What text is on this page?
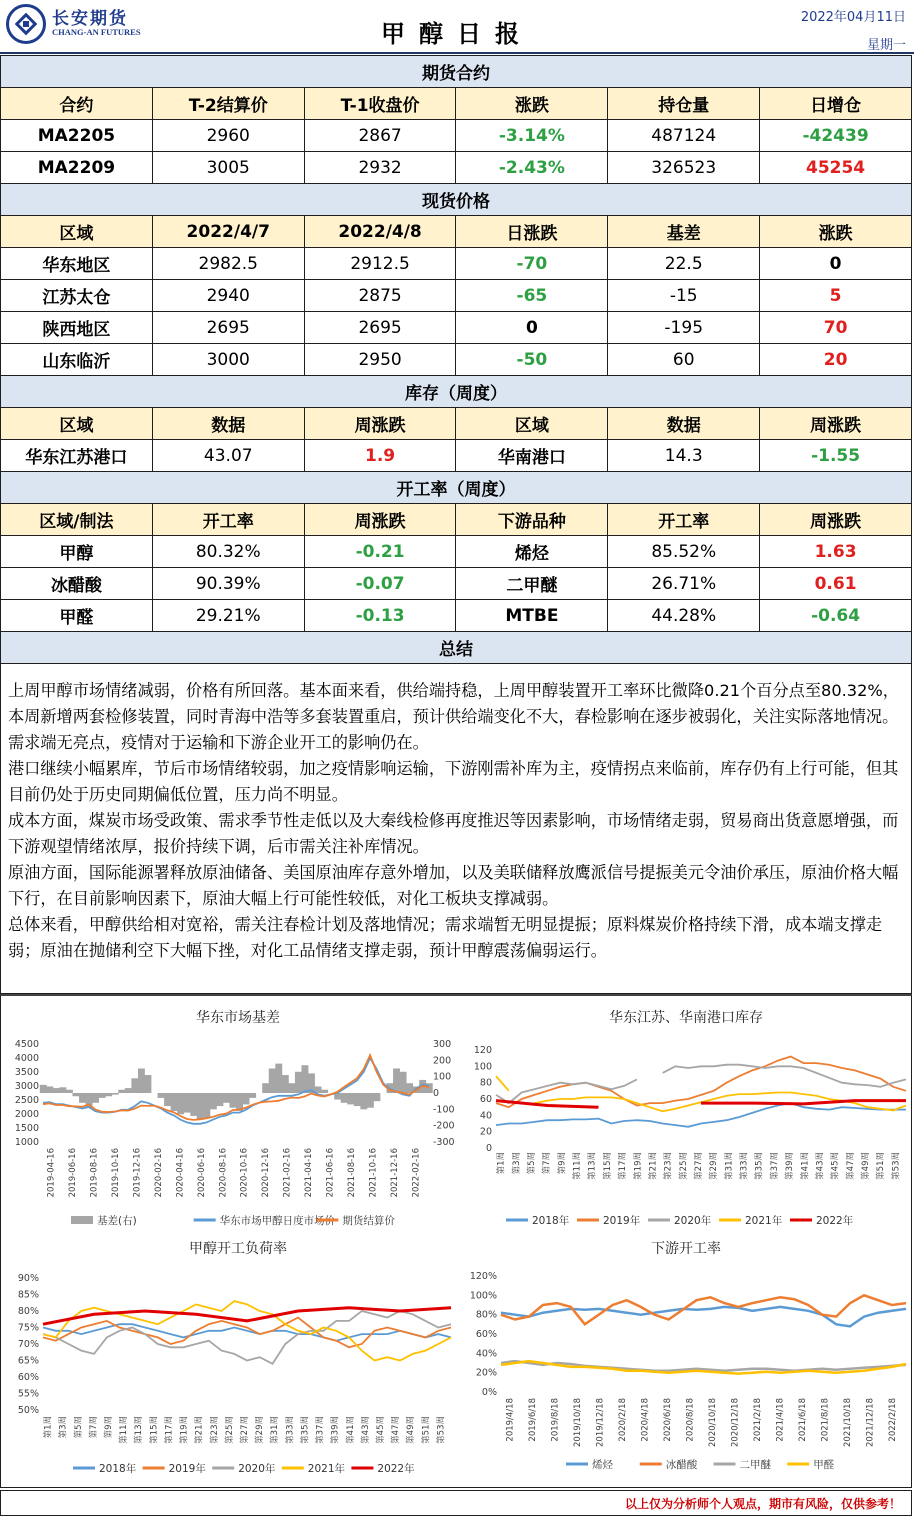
长安期货
CHANG-AN FUTURES	甲醇日报
2022年04月11日
星期一
期货合约					
合约	T-2结算价	T-1收盘价	涨跌	持仓量	日增仓
MA2205	2960	2867	-3.14%	487124	-42439
MA2209	3005	2932	-2.43%	326523	45254
现货价格					
区域	2022/4/7	2022/4/8	日涨跌	基差	涨跌
华东地区	2982.5	2912.5	-70	22.5	0
江苏太仓	2940	2875	-65	-15	5
陕西地区	2695	2695	0	-195	70
山东临沂	3000	2950	-50	60	20
库存（周度）					
区域	数据	周涨跌	区域	数据	周涨跌
华东江苏港口	43.07	1.9	华南港口	14.3	-1.55
开工率（周度）					
区域/制法	开工率	周涨跌	下游品种	开工率	周涨跌
甲醇	80.32%	-0.21	烯烃	85.52%	1.63
冰醋酸	90.39%	-0.07	二甲醚	26.71%	0.61
甲醛	29.21%	-0.13	MTBE	44.28%	-0.64
总结

上周甲醇市场情绪减弱，价格有所回落。基本面来看，供给端持稳，上周甲醇装置开工率环比微降0.21个百分点至80.32%，本周新增两套检修装置，同时青海中浩等多套装置重启，预计供给端变化不大，春检影响在逐步被弱化，关注实际落地情况。需求端无亮点，疫情对于运输和下游企业开工的影响仍在。

港口继续小幅累库，节后市场情绪较弱，加之疫情影响运输，下游刚需补库为主，疫情拐点来临前，库存仍有上行可能，但其目前仍处于历史同期偏低位置，压力尚不明显。

成本方面，煤炭市场受政策、需求季节性走低以及大秦线检修再度推迟等因素影响，市场情绪走弱，贸易商出货意愿增强，而下游观望情绪浓厚，报价持续下调，后市需关注补库情况。

原油方面，国际能源署释放原油储备、美国原油库存意外增加，以及美联储释放鹰派信号提振美元令油价承压，原油价格大幅下行，在目前影响因素下，原油大幅上行可能性较低，对化工板块支撑减弱。

总体来看，甲醇供给相对宽裕，需关注春检计划及落地情况；需求端暂无明显提振；原料煤炭价格持续下滑，成本端支撑走弱；原油在抛储利空下大幅下挫，对化工品情绪支撑走弱，预计甲醇震荡偏弱运行。

华东市场基差
4500
4000
3500
3000
2500
2000
1500
1000
300
200
100
0
-100
-200
-300
2019-04-16 2019-06-16 2019-08-16 2019-10-16 2019-12-16 2020-02-16 2020-04-16 2020-06-16 2020-08-16 2020-10-16 2020-12-16 2021-02-16 2021-04-16 2021-06-16 2021-08-16 2021-10-16 2021-12-16 2022-02-16
基差(右)	华东市场甲醇日度市场价 期货结算价
华东江苏、华南港口库存
120
100
80
60
40
20
0
第1周 第3周 第5周 第7周 第9周 第11周 第13周 第15周 第17周 第19周 第21周 第23周 第25周 第27周 第29周 第31周 第33周 第35周 第37周 第39周 第41周 第43周 第45周 第47周 第49周 第51周 第53周
2018年	2019年	2020年	2021年	2022年
甲醇开工负荷率
90%
85%
80%
75%
70%
65%
60%
55%
50%
第1周 第3周 第5周 第7周 第9周 第11周 第13周 第15周 第17周 第19周 第21周 第23周 第25周 第27周 第29周 第31周 第33周 第35周 第37周 第39周 第41周 第43周 第45周 第47周 第49周 第51周 第53周
2018年	2019年	2020年	2021年	2022年
下游开工率
120%
100%
80%
60%
40%
20%
0%
2019/4/18 2019/6/18 2019/8/18 2019/10/18 2019/12/18 2020/2/18 2020/4/18 2020/6/18 2020/8/18 2020/10/18 2020/12/18 2021/2/18 2021/4/18 2021/6/18 2021/8/18 2021/10/18 2021/12/18 2022/2/18
烯烃	冰醋酸	二甲醚	甲醛
以上仅为分析师个人观点，期市有风险，仅供参考！
